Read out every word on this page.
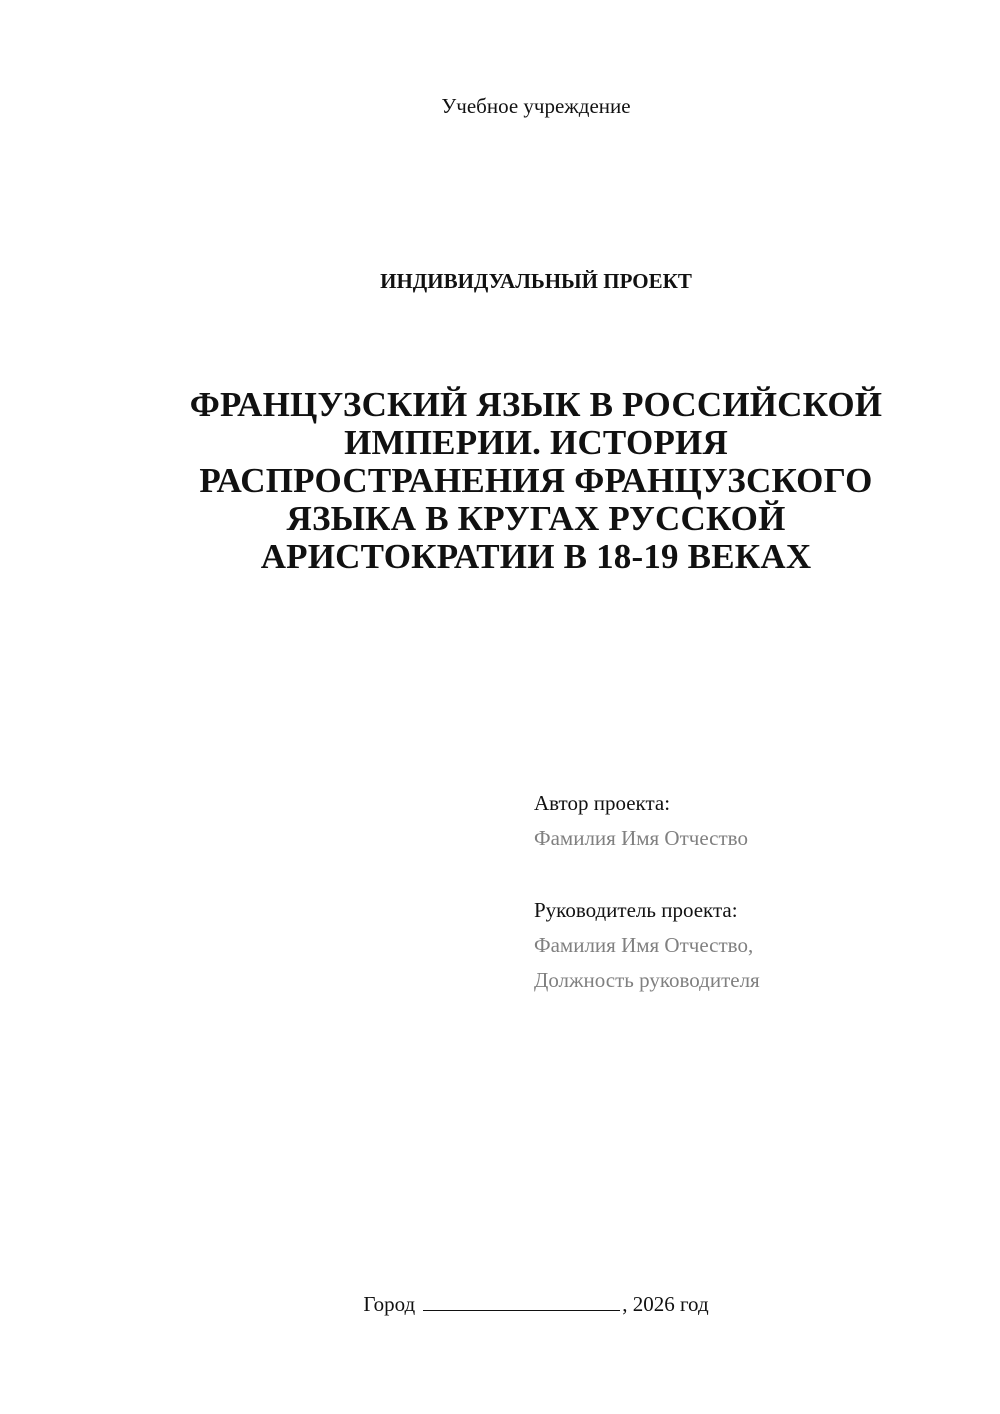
Учебное учреждение
ИНДИВИДУАЛЬНЫЙ ПРОЕКТ
ФРАНЦУЗСКИЙ ЯЗЫК В РОССИЙСКОЙ
ИМПЕРИИ. ИСТОРИЯ
РАСПРОСТРАНЕНИЯ ФРАНЦУЗСКОГО
ЯЗЫКА В КРУГАХ РУССКОЙ
АРИСТОКРАТИИ В 18-19 ВЕКАХ
Автор проекта:
Фамилия Имя Отчество
Руководитель проекта:
Фамилия Имя Отчество,
Должность руководителя
Город	, 2026 год
